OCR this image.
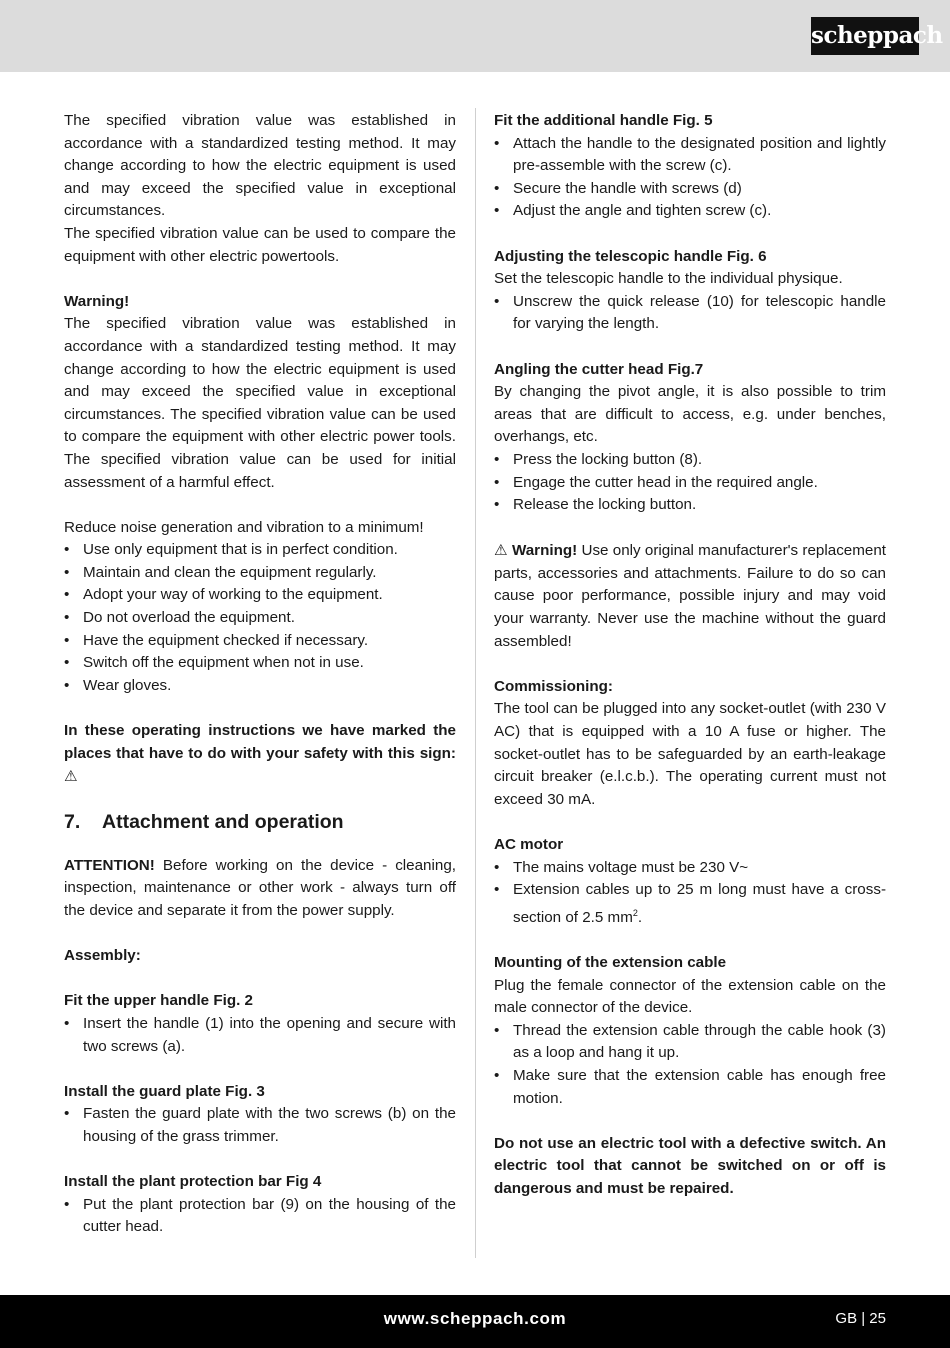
scheppach

The specified vibration value was established in accordance with a standardized testing method. It may change according to how the electric equipment is used and may exceed the specified value in exceptional circumstances.

The specified vibration value can be used to compare the equipment with other electric powertools.

Warning!

The specified vibration value was established in accordance with a standardized testing method. It may change according to how the electric equipment is used and may exceed the specified value in exceptional circumstances. The specified vibration value can be used to compare the equipment with other electric power tools. The specified vibration value can be used for initial assessment of a harmful effect.

Reduce noise generation and vibration to a minimum!

• Use only equipment that is in perfect condition.
• Maintain and clean the equipment regularly.
• Adopt your way of working to the equipment.
• Do not overload the equipment.
• Have the equipment checked if necessary.
• Switch off the equipment when not in use.
• Wear gloves.

In these operating instructions we have marked the places that have to do with your safety with this sign: ⚠

7.	Attachment and operation

ATTENTION! Before working on the device - cleaning, inspection, maintenance or other work - always turn off the device and separate it from the power supply.

Assembly:

Fit the upper handle Fig. 2

• Insert the handle (1) into the opening and secure with two screws (a).

Install the guard plate Fig. 3

• Fasten the guard plate with the two screws (b) on the housing of the grass trimmer.

Install the plant protection bar Fig 4

• Put the plant protection bar (9) on the housing of the cutter head.

Fit the additional handle Fig. 5

• Attach the handle to the designated position and lightly pre-assemble with the screw (c).
• Secure the handle with screws (d)
• Adjust the angle and tighten screw (c).

Adjusting the telescopic handle Fig. 6

Set the telescopic handle to the individual physique.

• Unscrew the quick release (10) for telescopic handle for varying the length.

Angling the cutter head Fig.7

By changing the pivot angle, it is also possible to trim areas that are difficult to access, e.g. under benches, overhangs, etc.

• Press the locking button (8).
• Engage the cutter head in the required angle.
• Release the locking button.

⚠ Warning! Use only original manufacturer's replacement parts, accessories and attachments. Failure to do so can cause poor performance, possible injury and may void your warranty. Never use the machine without the guard assembled!

Commissioning:

The tool can be plugged into any socket-outlet (with 230 V AC) that is equipped with a 10 A fuse or higher. The socket-outlet has to be safeguarded by an earth-leakage circuit breaker (e.l.c.b.). The operating current must not exceed 30 mA.

AC motor

• The mains voltage must be 230 V~
• Extension cables up to 25 m long must have a cross-section of 2.5 $mm^2$.

Mounting of the extension cable

Plug the female connector of the extension cable on the male connector of the device.

• Thread the extension cable through the cable hook (3) as a loop and hang it up.
• Make sure that the extension cable has enough free motion.

Do not use an electric tool with a defective switch. An electric tool that cannot be switched on or off is dangerous and must be repaired.

www.scheppach.com	GB | 25
